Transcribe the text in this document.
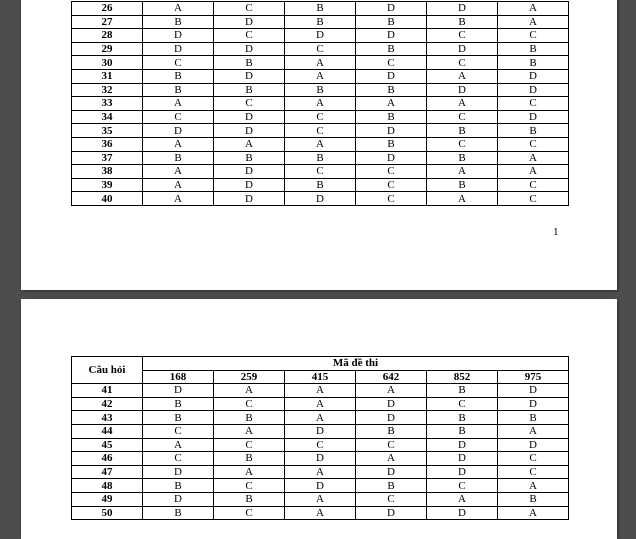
26	A	C	B	D	D	A
27	B	D	B	B	B	A
28	D	C	D	D	C	C
29	D	D	C	B	D	B
30	C	B	A	C	C	B
31	B	D	A	D	A	D
32	B	B	B	B	D	D
33	A	C	A	A	A	C
34	C	D	C	B	C	D
35	D	D	C	D	B	B
36	A	A	A	B	C	C
37	B	B	B	D	B	A
38	A	D	C	C	A	A
39	A	D	B	C	B	C
40	A	D	D	C	A	C
1
Câu hỏi	Mã đề thi					
	168	259	415	642	852	975
41	D	A	A	A	B	D
42	B	C	A	D	C	D
43	B	B	A	D	B	B
44	C	A	D	B	B	A
45	A	C	C	C	D	D
46	C	B	D	A	D	C
47	D	A	A	D	D	C
48	B	C	D	B	C	A
49	D	B	A	C	A	B
50	B	C	A	D	D	A
